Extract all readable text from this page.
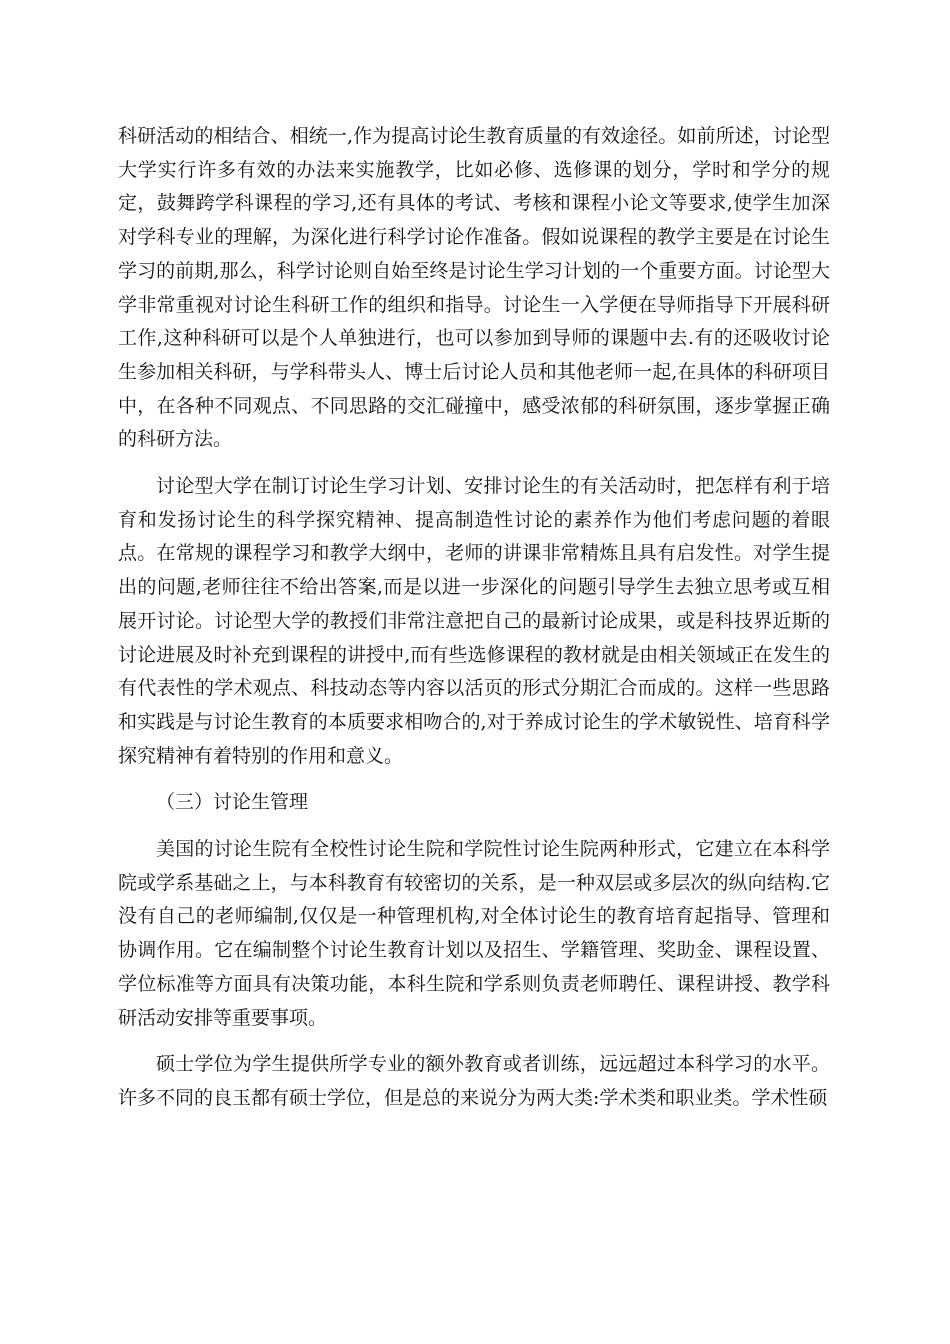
科研活动的相结合、相统一,作为提高讨论生教育质量的有效途径。如前所述，讨论型大学实行许多有效的办法来实施教学，比如必修、选修课的划分，学时和学分的规定，鼓舞跨学科课程的学习,还有具体的考试、考核和课程小论文等要求,使学生加深对学科专业的理解，为深化进行科学讨论作准备。假如说课程的教学主要是在讨论生学习的前期,那么，科学讨论则自始至终是讨论生学习计划的一个重要方面。讨论型大学非常重视对讨论生科研工作的组织和指导。讨论生一入学便在导师指导下开展科研工作,这种科研可以是个人单独进行，也可以参加到导师的课题中去.有的还吸收讨论生参加相关科研，与学科带头人、博士后讨论人员和其他老师一起,在具体的科研项目中，在各种不同观点、不同思路的交汇碰撞中，感受浓郁的科研氛围，逐步掌握正确的科研方法。

讨论型大学在制订讨论生学习计划、安排讨论生的有关活动时，把怎样有利于培育和发扬讨论生的科学探究精神、提高制造性讨论的素养作为他们考虑问题的着眼点。在常规的课程学习和教学大纲中，老师的讲课非常精炼且具有启发性。对学生提出的问题,老师往往不给出答案,而是以进一步深化的问题引导学生去独立思考或互相展开讨论。讨论型大学的教授们非常注意把自己的最新讨论成果，或是科技界近斯的讨论进展及时补充到课程的讲授中,而有些选修课程的教材就是由相关领域正在发生的有代表性的学术观点、科技动态等内容以活页的形式分期汇合而成的。这样一些思路和实践是与讨论生教育的本质要求相吻合的,对于养成讨论生的学术敏锐性、培育科学探究精神有着特别的作用和意义。

（三）讨论生管理

美国的讨论生院有全校性讨论生院和学院性讨论生院两种形式，它建立在本科学院或学系基础之上，与本科教育有较密切的关系，是一种双层或多层次的纵向结构.它没有自己的老师编制,仅仅是一种管理机构,对全体讨论生的教育培育起指导、管理和协调作用。它在编制整个讨论生教育计划以及招生、学籍管理、奖助金、课程设置、学位标准等方面具有决策功能，本科生院和学系则负责老师聘任、课程讲授、教学科研活动安排等重要事项。

硕士学位为学生提供所学专业的额外教育或者训练，远远超过本科学习的水平。许多不同的良玉都有硕士学位，但是总的来说分为两大类:学术类和职业类。学术性硕
